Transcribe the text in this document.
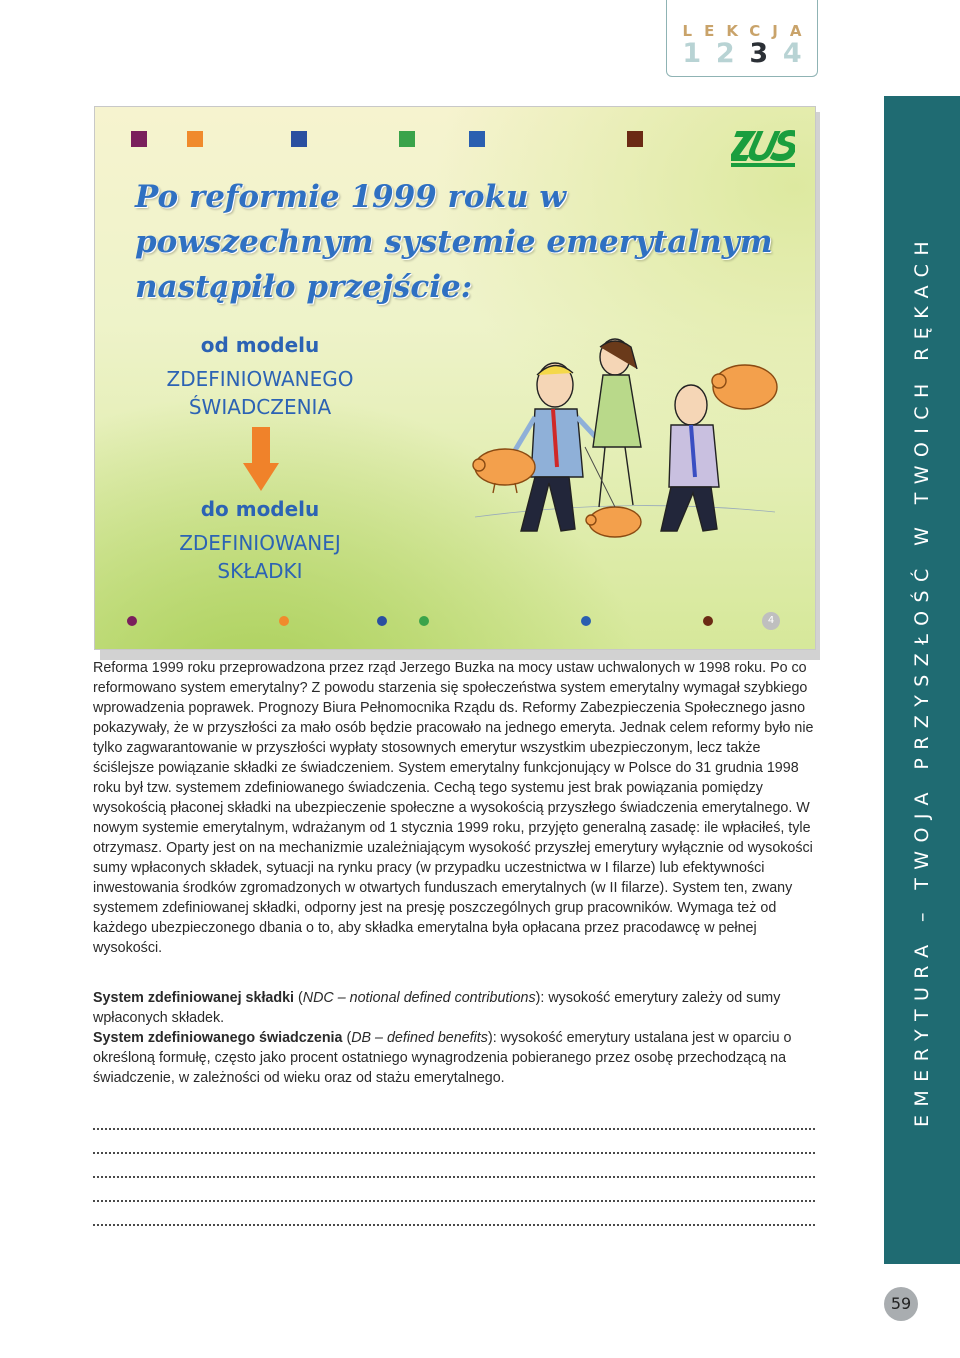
LEKCJA
1 2 3 4
EMERYTURA – TWOJA PRZYSZŁOŚĆ W TWOICH RĘKACH
59
Po reformie 1999 roku w powszechnym systemie emerytalnym nastąpiło przejście:
od modelu
ZDEFINIOWANEGO
ŚWIADCZENIA
do modelu
ZDEFINIOWANEJ
SKŁADKI
4

Reforma 1999 roku przeprowadzona przez rząd Jerzego Buzka na mocy ustaw uchwalonych w 1998 roku. Po co reformowano system emerytalny? Z powodu starzenia się społeczeństwa system emerytalny wymagał szybkiego wprowadzenia poprawek. Prognozy Biura Pełnomocnika Rządu ds. Reformy Zabezpieczenia Społecznego jasno pokazywały, że w przyszłości za mało osób będzie pracowało na jednego emeryta. Jednak celem reformy było nie tylko zagwarantowanie w przyszłości wypłaty stosownych emerytur wszystkim ubezpieczonym, lecz także ściślejsze powiązanie składki ze świadczeniem. System emerytalny funkcjonujący w Polsce do 31 grudnia 1998 roku był tzw. systemem zdefiniowanego świadczenia. Cechą tego systemu jest brak powiązania pomiędzy wysokością płaconej składki na ubezpieczenie społeczne a wysokością przyszłego świadczenia emerytalnego. W nowym systemie emerytalnym, wdrażanym od 1 stycznia 1999 roku, przyjęto generalną zasadę: ile wpłaciłeś, tyle otrzymasz. Oparty jest on na mechanizmie uzależniającym wysokość przyszłej emerytury wyłącznie od wysokości sumy wpłaconych składek, sytuacji na rynku pracy (w przypadku uczestnictwa w I filarze) lub efektywności inwestowania środków zgromadzonych w otwartych funduszach emerytalnych (w II filarze). System ten, zwany systemem zdefiniowanej składki, odporny jest na presję poszczególnych grup pracowników. Wymaga też od każdego ubezpieczonego dbania o to, aby składka emerytalna była opłacana przez pracodawcę w pełnej wysokości.

System zdefiniowanej składki (NDC – notional defined contributions): wysokość emerytury zależy od sumy wpłaconych składek.

System zdefiniowanego świadczenia (DB – defined benefits): wysokość emerytury ustalana jest w oparciu o określoną formułę, często jako procent ostatniego wynagrodzenia pobieranego przez osobę przechodzącą na świadczenie, w zależności od wieku oraz od stażu emerytalnego.
